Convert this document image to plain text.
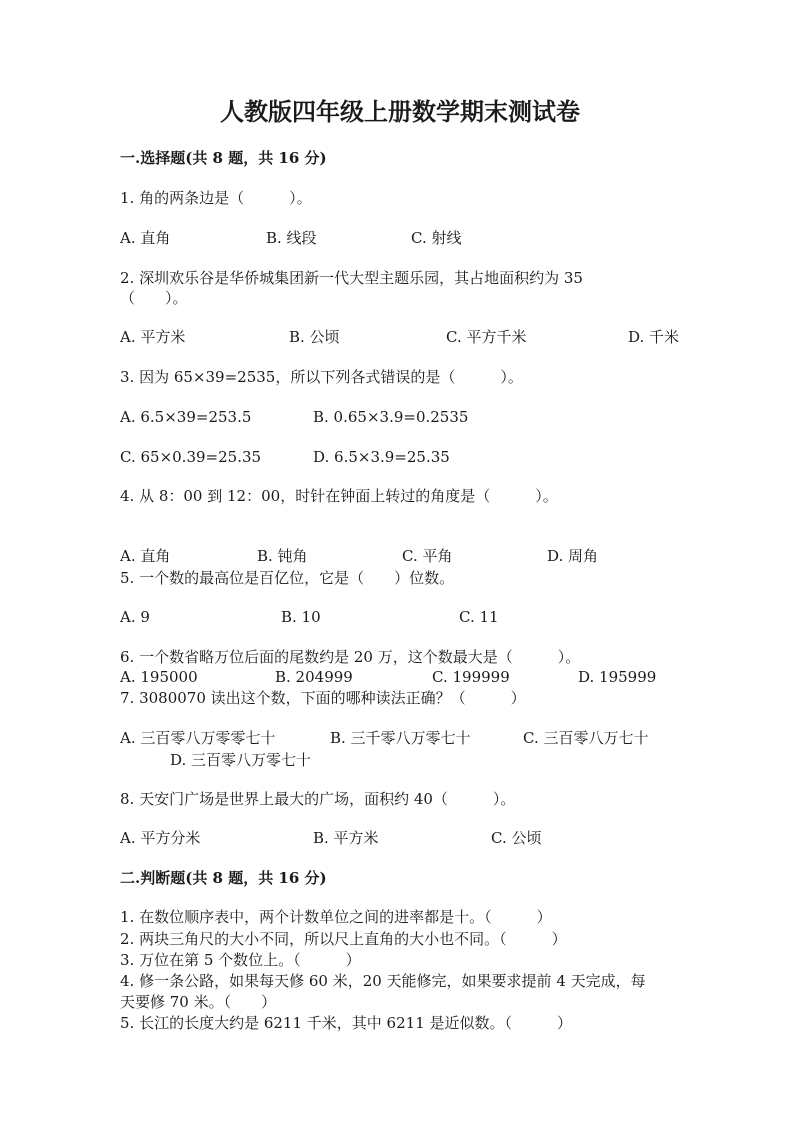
人教版四年级上册数学期末测试卷
一.选择题(共 8 题，共 16 分)
1. 角的两条边是（　　　）。
A. 直角	B. 线段	C. 射线
2. 深圳欢乐谷是华侨城集团新一代大型主题乐园，其占地面积约为 35
（　　）。
A. 平方米	B. 公顷	C. 平方千米	D. 千米
3. 因为 65×39=2535，所以下列各式错误的是（　　　）。
A. 6.5×39=253.5	B. 0.65×3.9=0.2535
C. 65×0.39=25.35	D. 6.5×3.9=25.35
4. 从 8：00 到 12：00，时针在钟面上转过的角度是（　　　）。
A. 直角	B. 钝角	C. 平角	D. 周角
5. 一个数的最高位是百亿位，它是（　　）位数。
A. 9	B. 10	C. 11
6. 一个数省略万位后面的尾数约是 20 万，这个数最大是（　　　）。
A. 195000	B. 204999	C. 199999	D. 195999
7. 3080070 读出这个数，下面的哪种读法正确？（　　　）
A. 三百零八万零零七十	B. 三千零八万零七十	C. 三百零八万七十
D. 三百零八万零七十
8. 天安门广场是世界上最大的广场，面积约 40（　　　）。
A. 平方分米	B. 平方米	C. 公顷
二.判断题(共 8 题，共 16 分)
1. 在数位顺序表中，两个计数单位之间的进率都是十。（　　　）
2. 两块三角尺的大小不同，所以尺上直角的大小也不同。（　　　）
3. 万位在第 5 个数位上。（　　　）
4. 修一条公路，如果每天修 60 米，20 天能修完，如果要求提前 4 天完成，每
天要修 70 米。（　　）
5. 长江的长度大约是 6211 千米，其中 6211 是近似数。（　　　）
